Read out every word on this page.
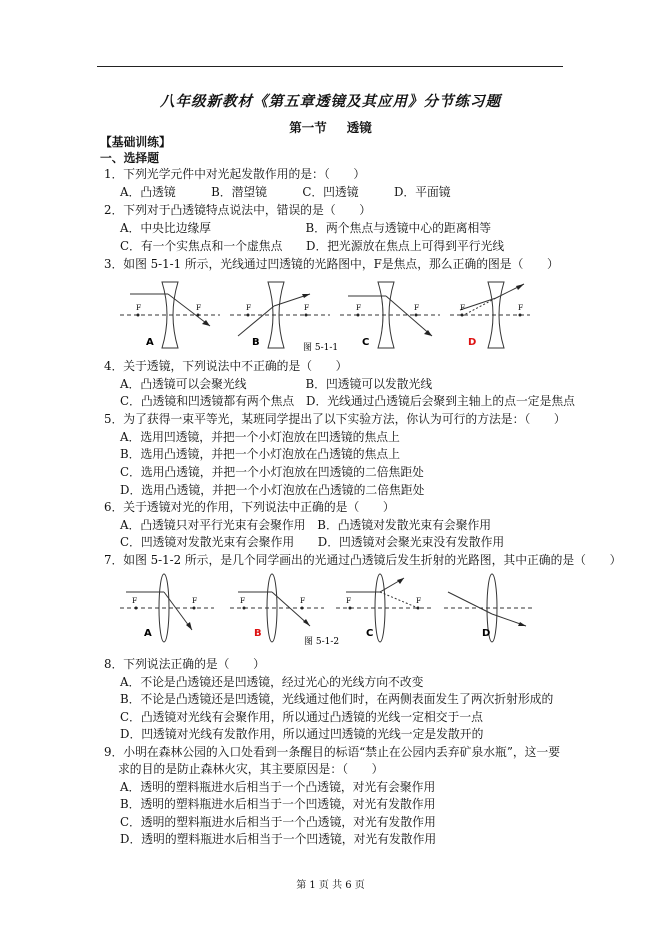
八年级新教材《第五章透镜及其应用》分节练习题
第一节 透镜
【基础训练】
一、选择题
1．下列光学元件中对光起发散作用的是：（　　）
A．凸透镜　　　B．潜望镜　　　C．凹透镜　　　D．平面镜
2．下列对于凸透镜特点说法中，错误的是（　　）
A．中央比边缘厚　　　　　　　　B．两个焦点与透镜中心的距离相等
C．有一个实焦点和一个虚焦点　　D．把光源放在焦点上可得到平行光线
3．如图 5-1-1 所示，光线通过凹透镜的光路图中，F是焦点，那么正确的图是（　　）
F	F	F	F	F	F	F	F
A	B	C	D
图 5-1-1
4．关于透镜，下列说法中不正确的是（　　）
A．凸透镜可以会聚光线　　　　　B．凹透镜可以发散光线
C．凸透镜和凹透镜都有两个焦点　D．光线通过凸透镜后会聚到主轴上的点一定是焦点
5．为了获得一束平等光，某班同学提出了以下实验方法，你认为可行的方法是：（　　）
A．选用凹透镜，并把一个小灯泡放在凹透镜的焦点上
B．选用凸透镜，并把一个小灯泡放在凸透镜的焦点上
C．选用凸透镜，并把一个小灯泡放在凹透镜的二倍焦距处
D．选用凸透镜，并把一个小灯泡放在凸透镜的二倍焦距处
6．关于透镜对光的作用，下列说法中正确的是（　　）
A．凸透镜只对平行光束有会聚作用　B．凸透镜对发散光束有会聚作用
C．凹透镜对发散光束有会聚作用　　D．凹透镜对会聚光束没有发散作用
7．如图 5-1-2 所示，是几个同学画出的光通过凸透镜后发生折射的光路图，其中正确的是（　　）
F	F	F	F	F	F
A	B	C	D
图 5-1-2
8．下列说法正确的是（　　）
A．不论是凸透镜还是凹透镜，经过光心的光线方向不改变
B．不论是凸透镜还是凹透镜，光线通过他们时，在两侧表面发生了两次折射形成的
C．凸透镜对光线有会聚作用，所以通过凸透镜的光线一定相交于一点
D．凹透镜对光线有发散作用，所以通过凹透镜的光线一定是发散开的
9．小明在森林公园的入口处看到一条醒目的标语“禁止在公园内丢弃矿泉水瓶”，这一要
求的目的是防止森林火灾，其主要原因是：（　　）
A．透明的塑料瓶进水后相当于一个凸透镜，对光有会聚作用
B．透明的塑料瓶进水后相当于一个凹透镜，对光有发散作用
C．透明的塑料瓶进水后相当于一个凸透镜，对光有发散作用
D．透明的塑料瓶进水后相当于一个凹透镜，对光有发散作用
第 1 页 共 6 页
